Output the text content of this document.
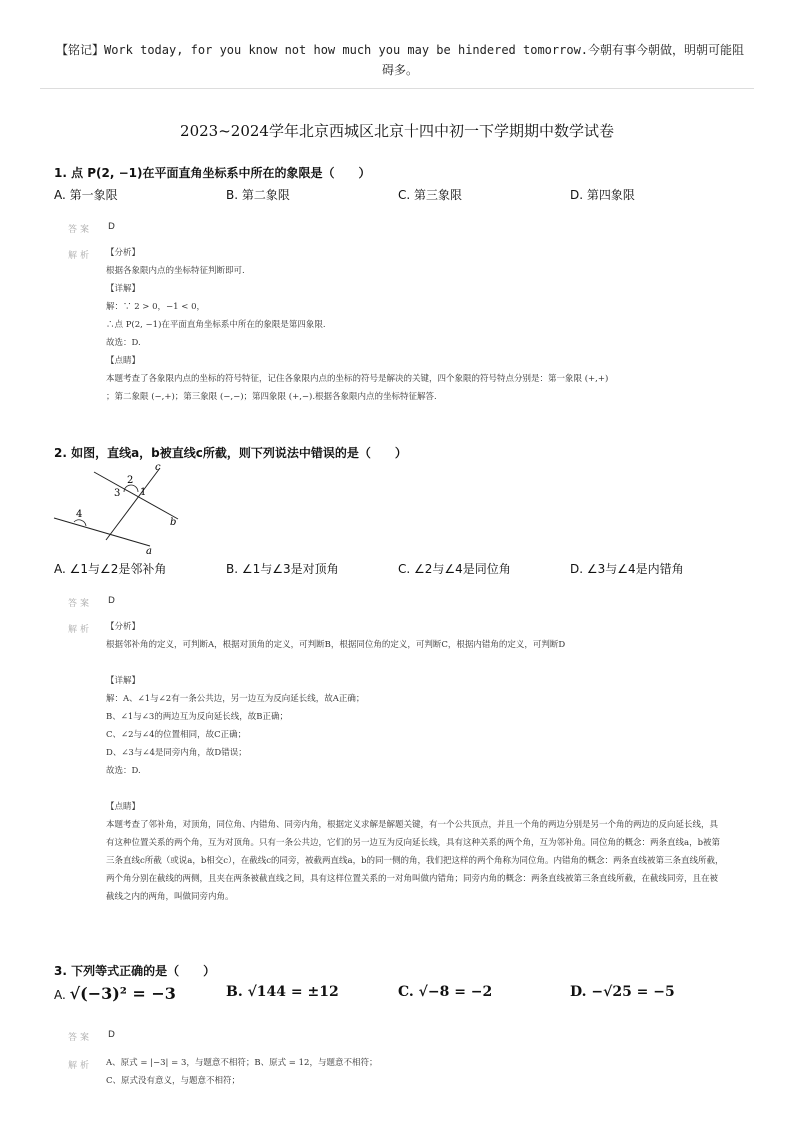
【铭记】Work today, for you know not how much you may be hindered tomorrow.今朝有事今朝做，明朝可能阻碍多。
2023~2024学年北京西城区北京十四中初一下学期期中数学试卷
1. 点 P(2, −1)在平面直角坐标系中所在的象限是（　　）
A. 第一象限	B. 第二象限	C. 第三象限	D. 第四象限
答案 D
解析 【分析】
根据各象限内点的坐标特征判断即可.
【详解】
解：∵ 2 > 0，−1 < 0，
∴点 P(2, −1)在平面直角坐标系中所在的象限是第四象限.
故选：D.
【点睛】
本题考查了各象限内点的坐标的符号特征，记住各象限内点的坐标的符号是解决的关键，四个象限的符号特点分别是：第一象限 (+,+)
；第二象限 (−,+)；第三象限 (−,−)；第四象限 (+,−).根据各象限内点的坐标特征解答.
2. 如图，直线a，b被直线c所截，则下列说法中错误的是（　　）
c
b
a
2
3 1
4
A. ∠1与∠2是邻补角	B. ∠1与∠3是对顶角	C. ∠2与∠4是同位角	D. ∠3与∠4是内错角
答案 D
解析 【分析】
根据邻补角的定义，可判断A，根据对顶角的定义，可判断B，根据同位角的定义，可判断C，根据内错角的定义，可判断D
【详解】
解：A、∠1与∠2有一条公共边，另一边互为反向延长线，故A正确；
B、∠1与∠3的两边互为反向延长线，故B正确；
C、∠2与∠4的位置相同，故C正确；
D、∠3与∠4是同旁内角，故D错误；
故选：D.
【点睛】
本题考查了邻补角，对顶角，同位角、内错角、同旁内角，根据定义求解是解题关键，有一个公共顶点，并且一个角的两边分别是另一个角的两边的反向延长线，具有这种位置关系的两个角，互为对顶角。只有一条公共边，它们的另一边互为反向延长线，具有这种关系的两个角，互为邻补角。同位角的概念：两条直线a，b被第三条直线c所截（或说a，b相交c），在截线c的同旁，被截两直线a，b的同一侧的角，我们把这样的两个角称为同位角。内错角的概念：两条直线被第三条直线所截，两个角分别在截线的两侧，且夹在两条被截直线之间，具有这样位置关系的一对角叫做内错角；同旁内角的概念：两条直线被第三条直线所截，在截线同旁，且在被截线之内的两角，叫做同旁内角。
3. 下列等式正确的是（　　）
A. √(−3)² = −3	B. √144 = ±12	C. √−8 = −2	D. −√25 = −5
答案 D
解析 A、原式 = |−3| = 3，与题意不相符；B、原式 = 12，与题意不相符；
C、原式没有意义，与题意不相符；
